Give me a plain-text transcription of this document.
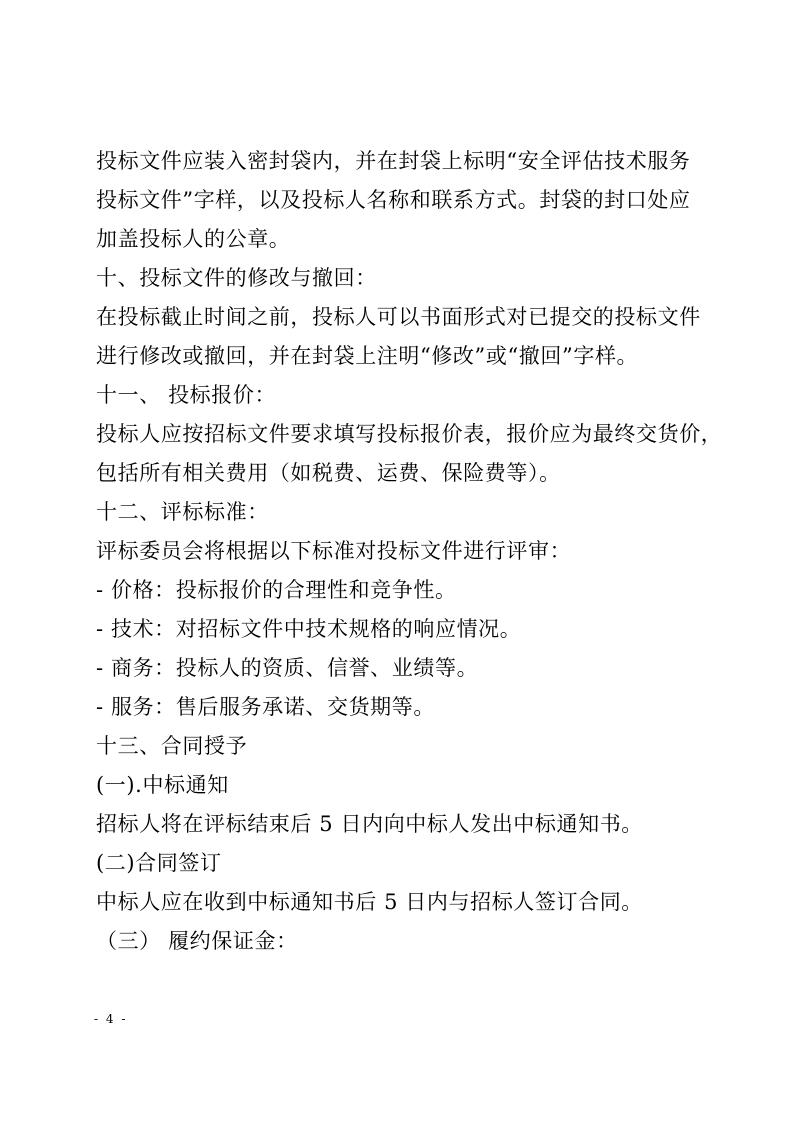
投标文件应装入密封袋内，并在封袋上标明“安全评估技术服务
投标文件”字样，以及投标人名称和联系方式。封袋的封口处应
加盖投标人的公章。
十、投标文件的修改与撤回：
在投标截止时间之前，投标人可以书面形式对已提交的投标文件
进行修改或撤回，并在封袋上注明“修改”或“撤回”字样。
十一、 投标报价：
投标人应按招标文件要求填写投标报价表，报价应为最终交货价，
包括所有相关费用（如税费、运费、保险费等）。
十二、评标标准：
评标委员会将根据以下标准对投标文件进行评审：
- 价格：投标报价的合理性和竞争性。
- 技术：对招标文件中技术规格的响应情况。
- 商务：投标人的资质、信誉、业绩等。
- 服务：售后服务承诺、交货期等。
十三、合同授予
(一).中标通知
招标人将在评标结束后 5 日内向中标人发出中标通知书。
(二)合同签订
中标人应在收到中标通知书后 5 日内与招标人签订合同。
（三） 履约保证金：
- 4 -
